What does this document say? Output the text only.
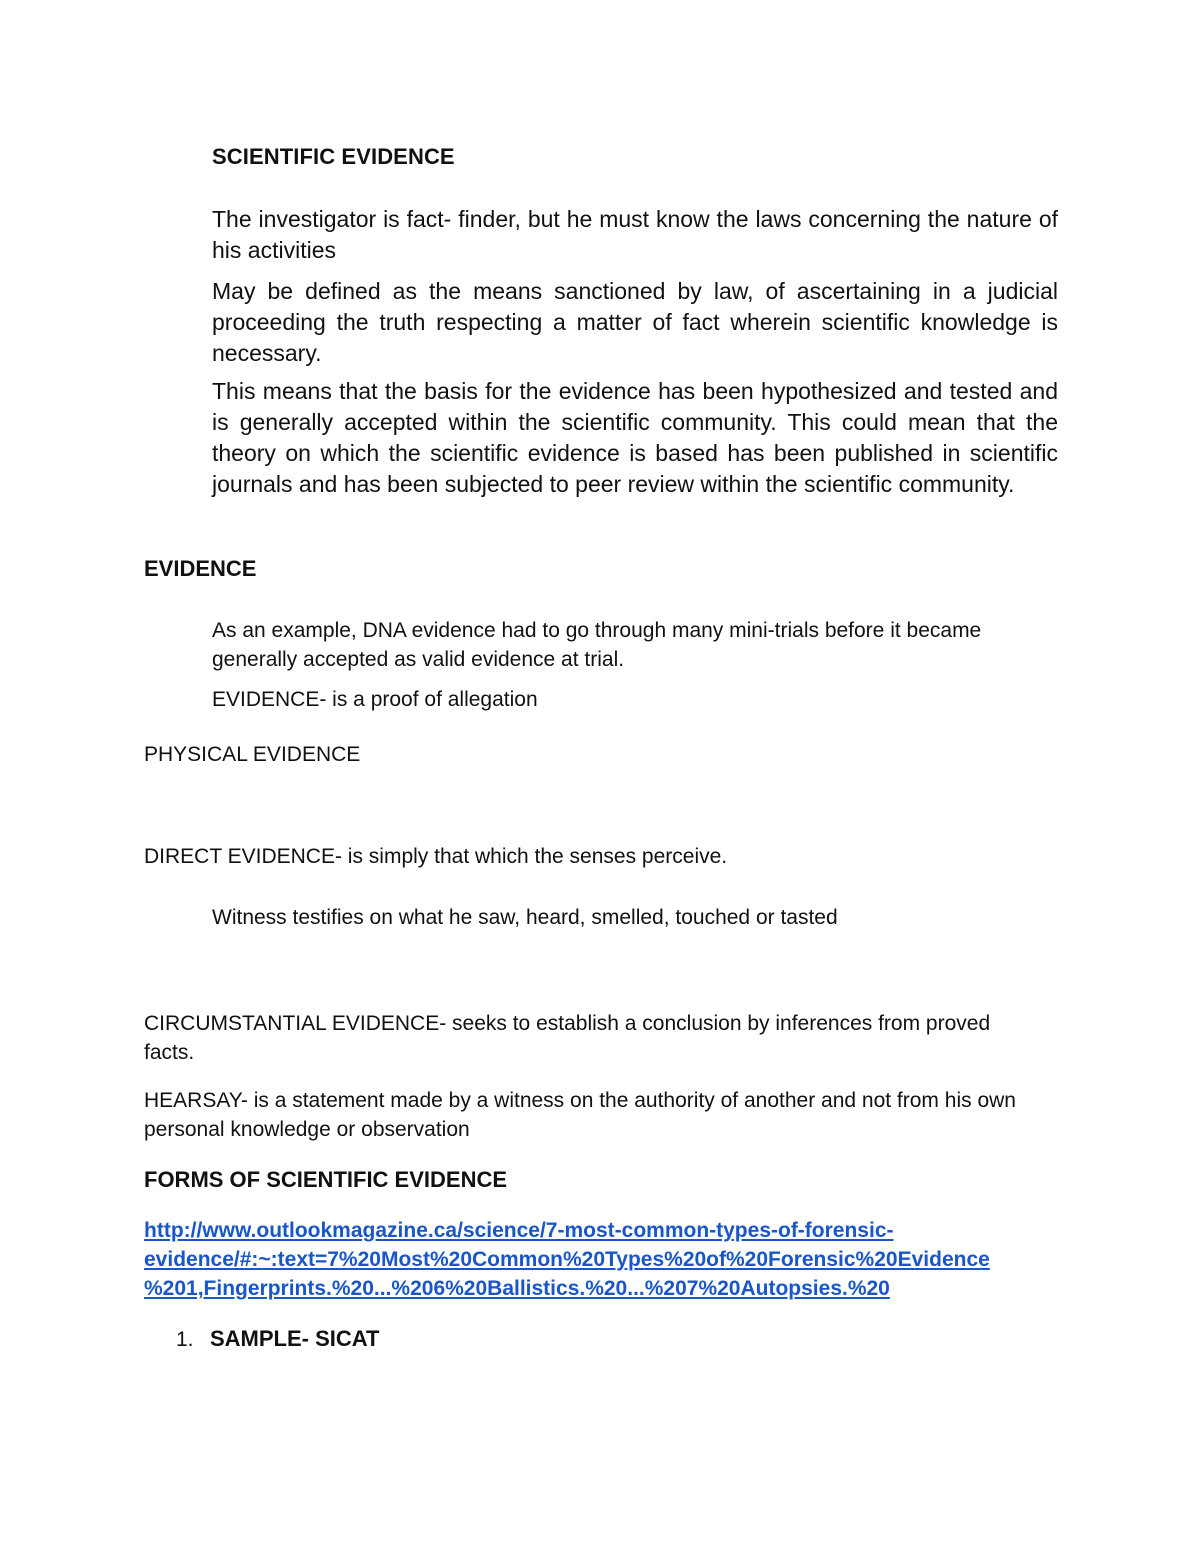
SCIENTIFIC EVIDENCE

The investigator is fact- finder, but he must know the laws concerning the nature of his activities

May be defined as the means sanctioned by law, of ascertaining in a judicial proceeding the truth respecting a matter of fact wherein scientific knowledge is necessary.

This means that the basis for the evidence has been hypothesized and tested and is generally accepted within the scientific community. This could mean that the theory on which the scientific evidence is based has been published in scientific journals and has been subjected to peer review within the scientific community.

EVIDENCE

As an example, DNA evidence had to go through many mini-trials before it became generally accepted as valid evidence at trial.

EVIDENCE- is a proof of allegation

PHYSICAL EVIDENCE

DIRECT EVIDENCE- is simply that which the senses perceive.

Witness testifies on what he saw, heard, smelled, touched or tasted

CIRCUMSTANTIAL EVIDENCE- seeks to establish a conclusion by inferences from proved facts.

HEARSAY- is a statement made by a witness on the authority of another and not from his own personal knowledge or observation

FORMS OF SCIENTIFIC EVIDENCE
http://www.outlookmagazine.ca/science/7-most-common-types-of-forensic-
evidence/#:~:text=7%20Most%20Common%20Types%20of%20Forensic%20Evidence
%201,Fingerprints.%20...%206%20Ballistics.%20...%207%20Autopsies.%20
1. SAMPLE- SICAT
